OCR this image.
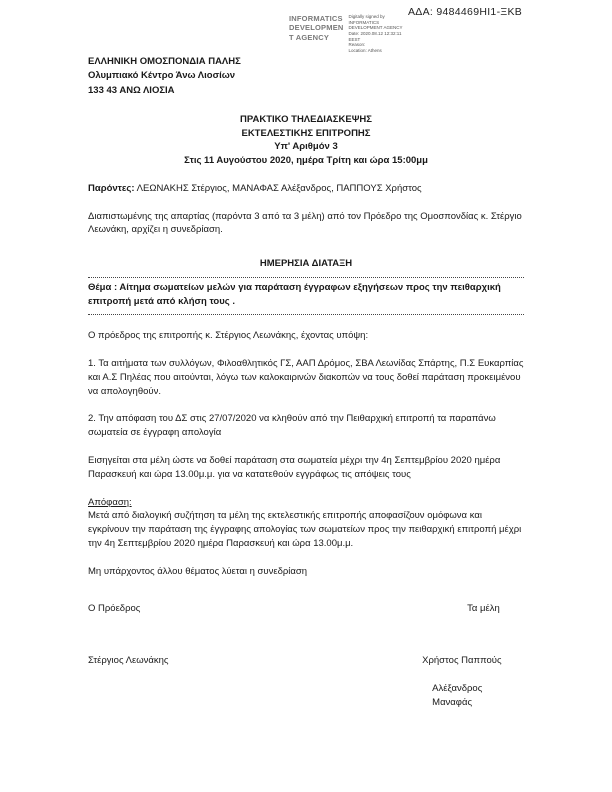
ΑΔΑ: 9484469ΗΙ1-ΞΚΒ
INFORMATICS
DEVELOPMEN
T AGENCY
Digitally signed by
INFORMATICS
DEVELOPMENT AGENCY
Date: 2020.08.12 12:32:11
EEST
Reason:
Location: Athens
ΕΛΛΗΝΙΚΗ ΟΜΟΣΠΟΝΔΙΑ ΠΑΛΗΣ
Ολυμπιακό Κέντρο Άνω Λιοσίων
133 43 ΑΝΩ ΛΙΟΣΙΑ
ΠΡΑΚΤΙΚΟ ΤΗΛΕΔΙΑΣΚΕΨΗΣ
ΕΚΤΕΛΕΣΤΙΚΗΣ ΕΠΙΤΡΟΠΗΣ
Υπ' Αριθμόν 3
Στις 11 Αυγούστου 2020, ημέρα Τρίτη και ώρα 15:00μμ

Παρόντες: ΛΕΩΝΑΚΗΣ Στέργιος, ΜΑΝΑΦΑΣ Αλέξανδρος, ΠΑΠΠΟΥΣ Χρήστος

Διαπιστωμένης της απαρτίας (παρόντα 3 από τα 3 μέλη) από τον Πρόεδρο της Ομοσπονδίας κ. Στέργιο Λεωνάκη, αρχίζει η συνεδρίαση.

ΗΜΕΡΗΣΙΑ ΔΙΑΤΑΞΗ

Θέμα : Αίτημα σωματείων μελών για παράταση έγγραφων εξηγήσεων προς την πειθαρχική επιτροπή μετά από κλήση τους .

Ο πρόεδρος της επιτροπής κ. Στέργιος Λεωνάκης, έχοντας υπόψη:

1. Τα αιτήματα των συλλόγων, Φιλοαθλητικός ΓΣ, ΑΑΠ Δρόμος, ΣΒΑ Λεωνίδας Σπάρτης, Π.Σ Ευκαρπίας και Α.Σ Πηλέας που αιτούνται, λόγω των καλοκαιρινών διακοπών να τους δοθεί παράταση προκειμένου να απολογηθούν.

2. Την απόφαση του ΔΣ στις 27/07/2020 να κληθούν από την Πειθαρχική επιτροπή τα παραπάνω σωματεία σε έγγραφη απολογία

Εισηγείται στα μέλη ώστε να δοθεί παράταση στα σωματεία μέχρι την 4η Σεπτεμβρίου 2020 ημέρα Παρασκευή και ώρα 13.00μ.μ. για να κατατεθούν εγγράφως τις απόψεις τους

Απόφαση:

Μετά από διαλογική συζήτηση τα μέλη της εκτελεστικής επιτροπής αποφασίζουν ομόφωνα και εγκρίνουν την παράταση της έγγραφης απολογίας των σωματείων προς την πειθαρχική επιτροπή μέχρι την 4η Σεπτεμβρίου 2020 ημέρα Παρασκευή και ώρα 13.00μ.μ.

Μη υπάρχοντος άλλου θέματος λύεται η συνεδρίαση

Ο Πρόεδρος	Τα μέλη
Στέργιος Λεωνάκης	Χρήστος Παππούς
Αλέξανδρος Μαναφάς
